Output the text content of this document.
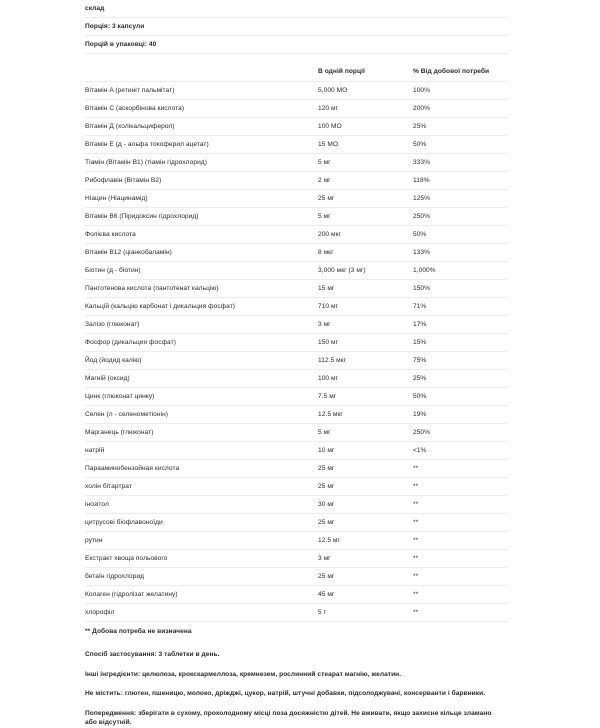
склад		
Порція: 3 капсули		
Порцій в упаковці: 40		

	В одній порції	% Від добової потреби
Вітамін A (ретиніт пальмітат)	5,000 МО	100%
Вітамін C (аскорбінова кислота)	120 мг	200%
Вітамін Д (холікальциферол)	100 МО	25%
Вітамін Е (д - альфа токоферил ацетат)	15 МО	50%
Тіамін (Вітамін B1) (тіамін гідрохлорид)	5 мг	333%
Рибофлавін (Вітамін B2)	2 мг	118%
Ніацин (Ніацинамід)	25 мг	125%
Вітамін B6 (Піридоксин гідрохлорид)	5 мг	250%
Фолієва кислота	200 мкг	50%
Вітамін B12 (ціанкобаламін)	8 мкг	133%
Біотин (д - біотин)	3,000 мкг (3 мг)	1,000%
Пантотенова кислота (пантотенат кальцію)	15 мг	150%
Кальцій (кальцію карбонат і дикальция фосфат)	710 мг	71%
Залізо (глюконат)	3 мг	17%
Фосфор (дикальция фосфат)	150 мг	15%
Йод (йодид калію)	112.5 мкг	75%
Магній (оксид)	100 мг	25%
Цинк (глюконат цинку)	7.5 мг	50%
Селен (л - селенометіонін)	12.5 мкг	19%
Марганець (глюконат)	5 мг	250%
натрій	10 мг	<1%
Парааминобензойная кислота	25 мг	**
холін бітартрат	25 мг	**
інозітол	30 мг	**
цитрусові біофлавоноїди	25 мг	**
рутин	12.5 мг	**
Екстракт хвоща польового	3 мг	**
бетаїн гідрохлорид	25 мг	**
Колаген (гідролізат желатину)	45 мг	**
хлорофіл	5 г	**
** Добова потреба не визначена		

Спосіб застосування: 3 таблетки в день.

Інші інгредієнти: целюлоза, крокскармеллоза, кремнезем, рослинний стеарат магнію, желатин.

Не містить: глютен, пшеницю, молоко, дріжджі, цукор, натрій, штучні добавки, підсолоджувачі, консерванти і барвники.

Попередження: зберігати в сухому, прохолодному місці поза досяжністю дітей. Не вживати, якщо захисне кільце зламано або відсутній.
